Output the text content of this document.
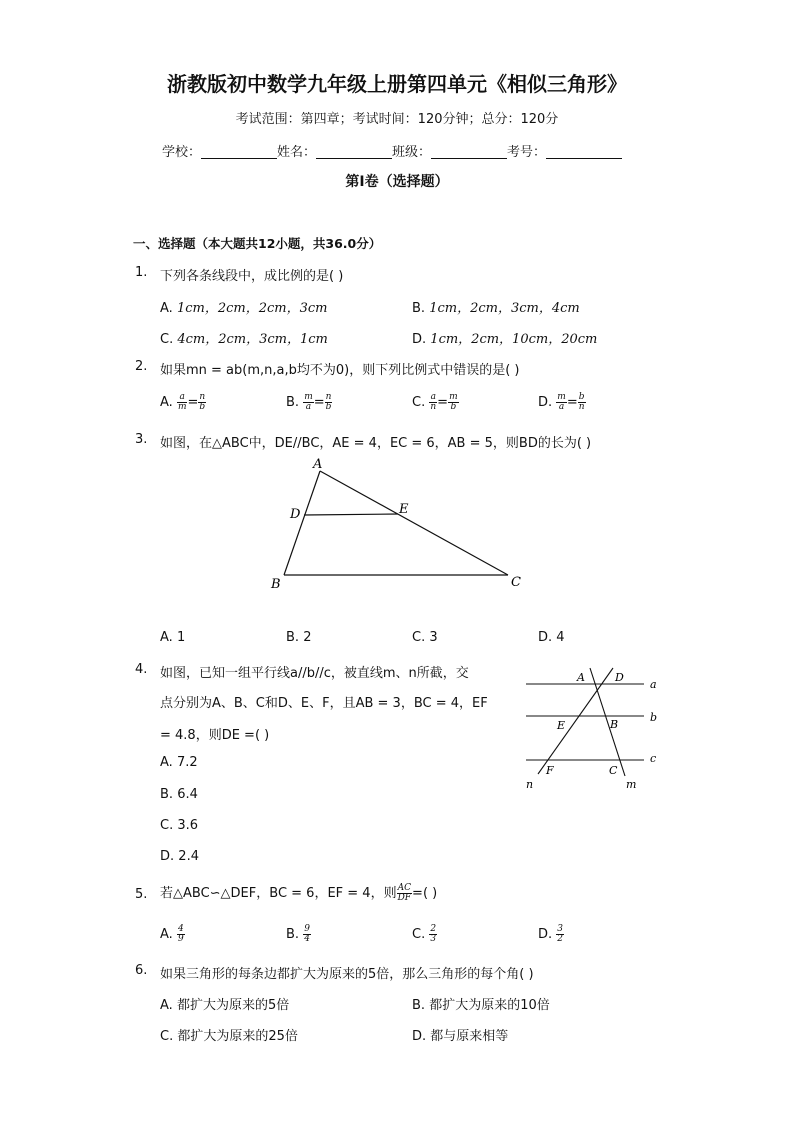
浙教版初中数学九年级上册第四单元《相似三角形》
考试范围：第四章；考试时间：120分钟；总分：120分
学校：	姓名：	班级：	考号：
第I卷（选择题）
一、选择题（本大题共12小题，共36.0分）
1. 下列各条线段中，成比例的是( )
A. 1cm，2cm，2cm，3cm	B. 1cm，2cm，3cm，4cm
C. 4cm，2cm，3cm，1cm	D. 1cm，2cm，10cm，20cm
2. 如果mn = ab(m,n,a,b均不为0)，则下列比例式中错误的是( )
A. $\frac{a}{m} = \frac{n}{b}$	B. $\frac{m}{a} = \frac{n}{b}$	C. $\frac{a}{n} = \frac{m}{b}$	D. $\frac{m}{a} = \frac{b}{n}$
3. 如图，在△ABC中，DE//BC，AE = 4，EC = 6，AB = 5，则BD的长为( )
A
D	E
B	C
A. 1	B. 2	C. 3	D. 4
4. 如图，已知一组平行线a//b//c，被直线m、n所截，交
点分别为A、B、C和D、E、F，且AB = 3，BC = 4，EF
= 4.8，则DE =( )
A	D
a
E	B
b
F	C
c
n	m
A. 7.2
B. 6.4
C. 3.6
D. 2.4
5. 若△ABC∽△DEF，BC = 6，EF = 4，则 $\frac{AC}{DF}$ =( )
A. $\frac{4}{9}$	B. $\frac{9}{4}$	C. $\frac{2}{3}$	D. $\frac{3}{2}$
6. 如果三角形的每条边都扩大为原来的5倍，那么三角形的每个角( )
A. 都扩大为原来的5倍	B. 都扩大为原来的10倍
C. 都扩大为原来的25倍	D. 都与原来相等
